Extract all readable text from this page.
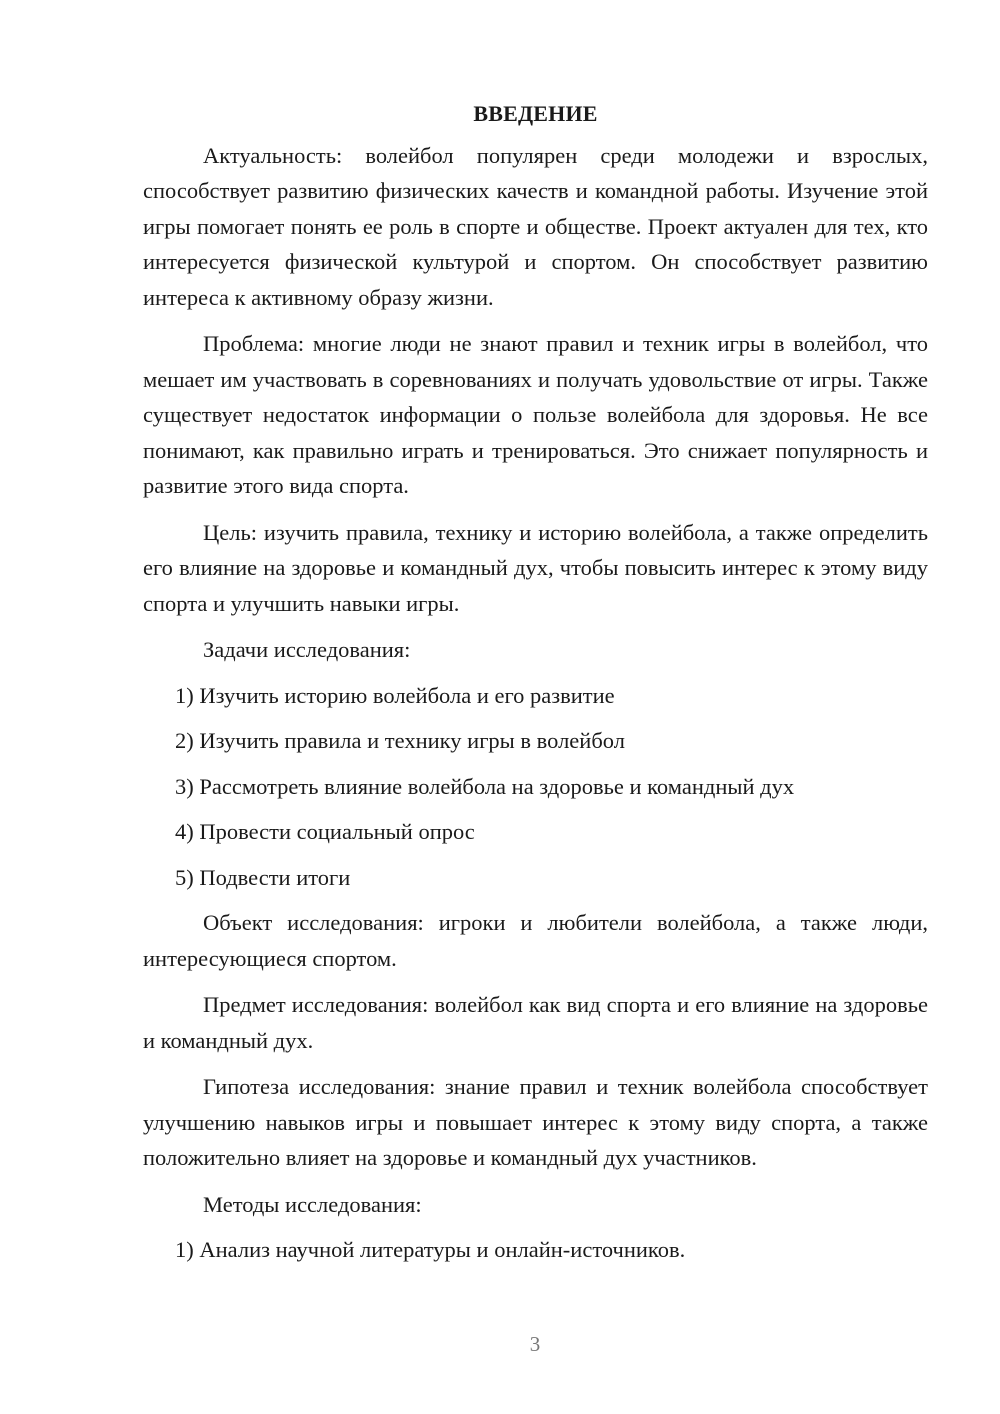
ВВЕДЕНИЕ

Актуальность: волейбол популярен среди молодежи и взрослых, способствует развитию физических качеств и командной работы. Изучение этой игры помогает понять ее роль в спорте и обществе. Проект актуален для тех, кто интересуется физической культурой и спортом. Он способствует развитию интереса к активному образу жизни.

Проблема: многие люди не знают правил и техник игры в волейбол, что мешает им участвовать в соревнованиях и получать удовольствие от игры. Также существует недостаток информации о пользе волейбола для здоровья. Не все понимают, как правильно играть и тренироваться. Это снижает популярность и развитие этого вида спорта.

Цель: изучить правила, технику и историю волейбола, а также определить его влияние на здоровье и командный дух, чтобы повысить интерес к этому виду спорта и улучшить навыки игры.

Задачи исследования:
1) Изучить историю волейбола и его развитие
2) Изучить правила и технику игры в волейбол
3) Рассмотреть влияние волейбола на здоровье и командный дух
4) Провести социальный опрос
5) Подвести итоги

Объект исследования: игроки и любители волейбола, а также люди, интересующиеся спортом.

Предмет исследования: волейбол как вид спорта и его влияние на здоровье и командный дух.

Гипотеза исследования: знание правил и техник волейбола способствует улучшению навыков игры и повышает интерес к этому виду спорта, а также положительно влияет на здоровье и командный дух участников.

Методы исследования:
1) Анализ научной литературы и онлайн-источников.
3
